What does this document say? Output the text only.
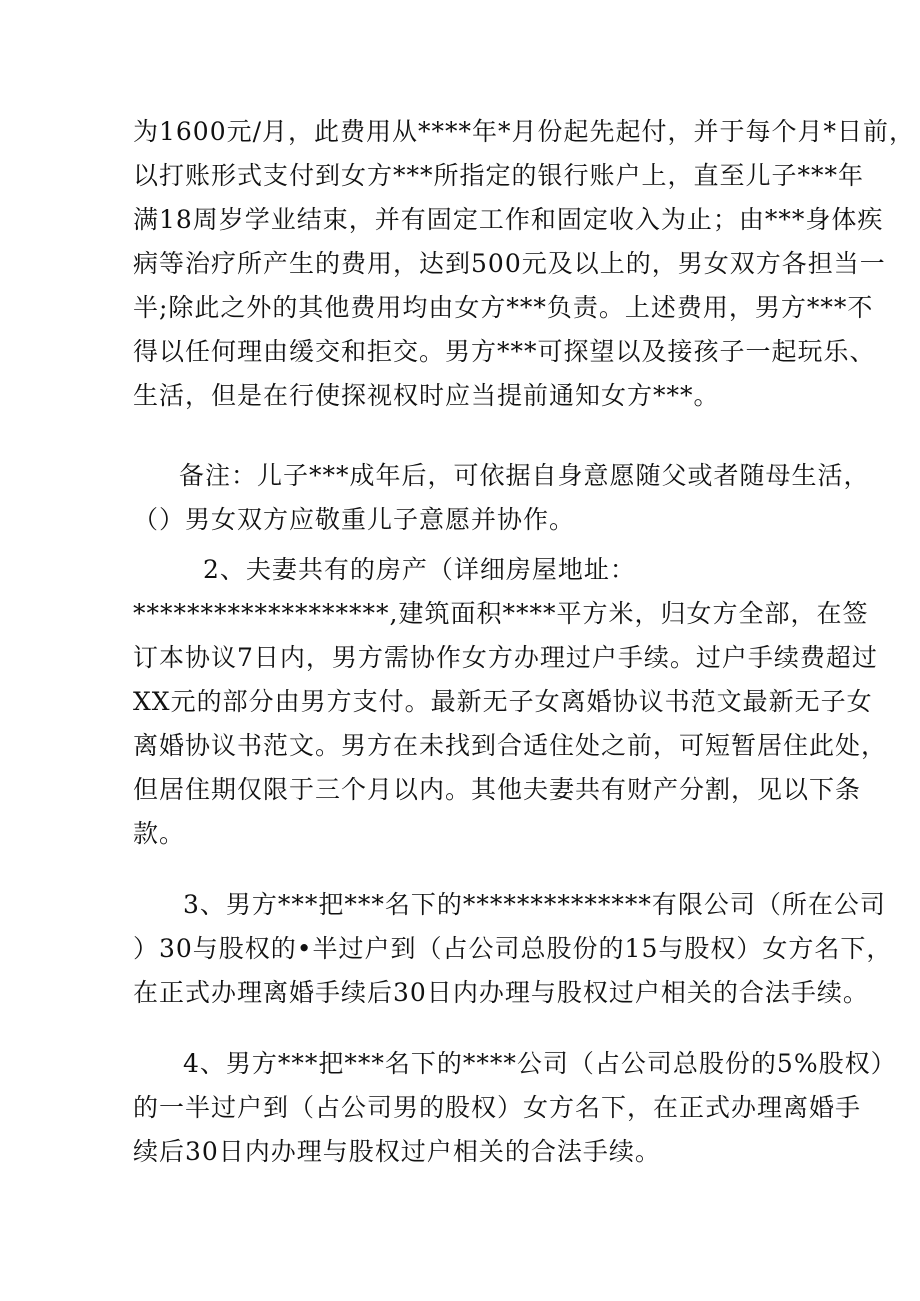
为1600元/月，此费用从****年*月份起先起付，并于每个月*日前，
以打账形式支付到女方***所指定的银行账户上，直至儿子***年
满18周岁学业结束，并有固定工作和固定收入为止；由***身体疾
病等治疗所产生的费用，达到500元及以上的，男女双方各担当一
半;除此之外的其他费用均由女方***负责。上述费用，男方***不
得以任何理由缓交和拒交。男方***可探望以及接孩子一起玩乐、
生活，但是在行使探视权时应当提前通知女方***。
备注：儿子***成年后，可依据自身意愿随父或者随母生活，
（）男女双方应敬重儿子意愿并协作。
2、夫妻共有的房产（详细房屋地址：
*******************,建筑面积****平方米，归女方全部，在签
订本协议7日内，男方需协作女方办理过户手续。过户手续费超过
XX元的部分由男方支付。最新无子女离婚协议书范文最新无子女
离婚协议书范文。男方在未找到合适住处之前，可短暂居住此处，
但居住期仅限于三个月以内。其他夫妻共有财产分割，见以下条
款。
3、男方***把***名下的**************有限公司（所在公司
）30与股权的•半过户到（占公司总股份的15与股权）女方名下，
在正式办理离婚手续后30日内办理与股权过户相关的合法手续。
4、男方***把***名下的****公司（占公司总股份的5%股权）
的一半过户到（占公司男的股权）女方名下，在正式办理离婚手
续后30日内办理与股权过户相关的合法手续。
